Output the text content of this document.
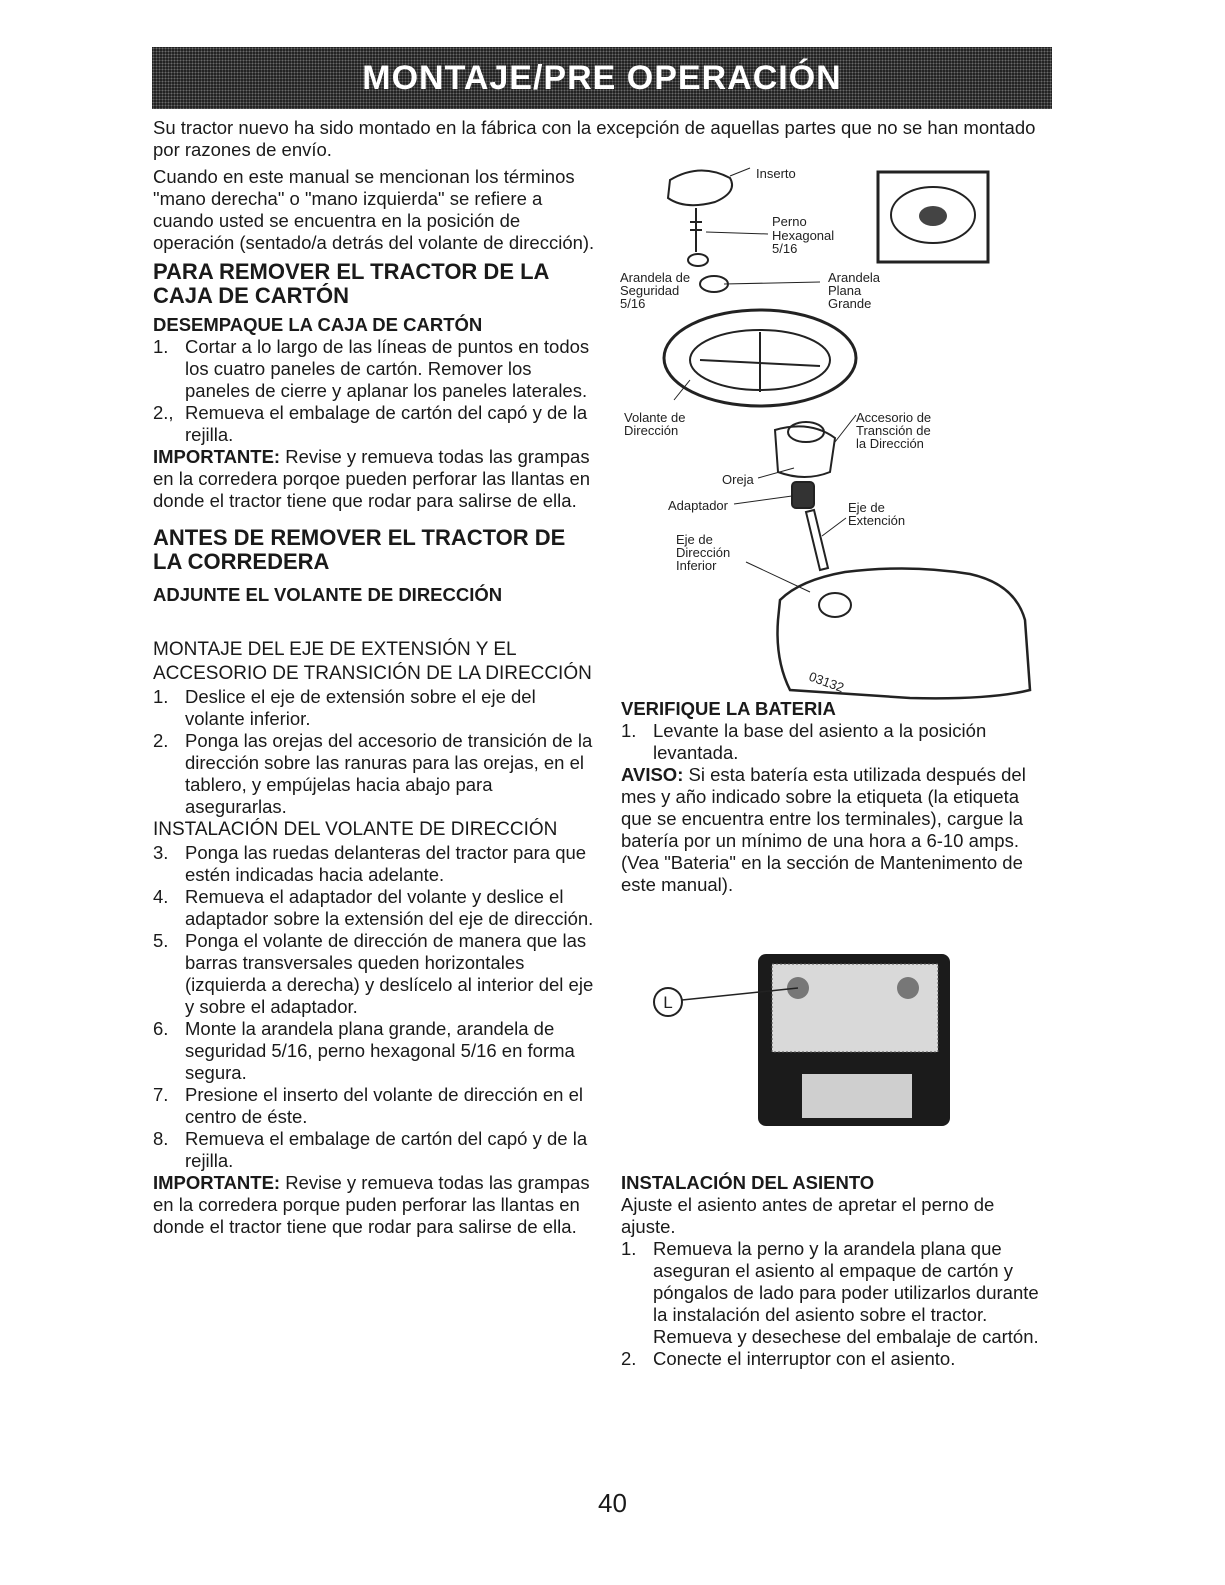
MONTAJE/PRE OPERACIÓN

Su tractor nuevo ha sido montado en la fábrica con la excepción de aquellas partes que no se han montado por razones de envío.

Cuando en este manual se mencionan los términos "mano derecha" o "mano izquierda" se refiere a cuando usted se encuentra en la posición de operación (sentado/a detrás del volante de dirección).

PARA REMOVER EL TRACTOR DE LA CAJA DE CARTÓN

DESEMPAQUE LA CAJA DE CARTÓN

1. Cortar a lo largo de las líneas de puntos en todos los cuatro paneles de cartón. Remover los paneles de cierre y aplanar los paneles laterales.
2., Remueva el embalage de cartón del capó y de la rejilla.

IMPORTANTE: Revise y remueva todas las grampas en la corredera porqoe pueden perforar las llantas en donde el tractor tiene que rodar para salirse de ella.

ANTES DE REMOVER EL TRACTOR DE LA CORREDERA

ADJUNTE EL VOLANTE DE DIRECCIÓN

MONTAJE DEL EJE DE EXTENSIÓN Y EL ACCESORIO DE TRANSICIÓN DE LA DIRECCIÓN

1. Deslice el eje de extensión sobre el eje del volante inferior.
2. Ponga las orejas del accesorio de transición de la dirección sobre las ranuras para las orejas, en el tablero, y empújelas hacia abajo para asegurarlas.

INSTALACIÓN DEL VOLANTE DE DIRECCIÓN

3. Ponga las ruedas delanteras del tractor para que estén indicadas hacia adelante.
4. Remueva el adaptador del volante y deslice el adaptador sobre la extensión del eje de dirección.
5. Ponga el volante de dirección de manera que las barras transversales queden horizontales (izquierda a derecha) y deslícelo al interior del eje y sobre el adaptador.
6. Monte la arandela plana grande, arandela de seguridad 5/16, perno hexagonal 5/16 en forma segura.
7. Presione el inserto del volante de dirección en el centro de éste.
8. Remueva el embalage de cartón del capó y de la rejilla.

IMPORTANTE: Revise y remueva todas las grampas en la corredera porque puden perforar las llantas en donde el tractor tiene que rodar para salirse de ella.

Inserto
Perno
Hexagonal
5/16
Arandela de
Seguridad
5/16
Arandela
Plana
Grande
Volante de
Dirección
Accesorio de
Transción de
la Dirección
Oreja
Adaptador	Eje de
Extención
Eje de
Dirección
Inferior
03132

VERIFIQUE LA BATERIA

1. Levante la base del asiento a la posición levantada.

AVISO: Si esta batería esta utilizada después del mes y año indicado sobre la etiqueta (la etiqueta que se encuentra entre los terminales), cargue la batería por un mínimo de una hora a 6-10 amps. (Vea "Bateria" en la sección de Mantenimento de este manual).

L

INSTALACIÓN DEL ASIENTO

Ajuste el asiento antes de apretar el perno de ajuste.

1. Remueva la perno y la arandela plana que aseguran el asiento al empaque de cartón y póngalos de lado para poder utilizarlos durante la instalación del asiento sobre el tractor. Remueva y desechese del embalaje de cartón.
2. Conecte el interruptor con el asiento.
40
